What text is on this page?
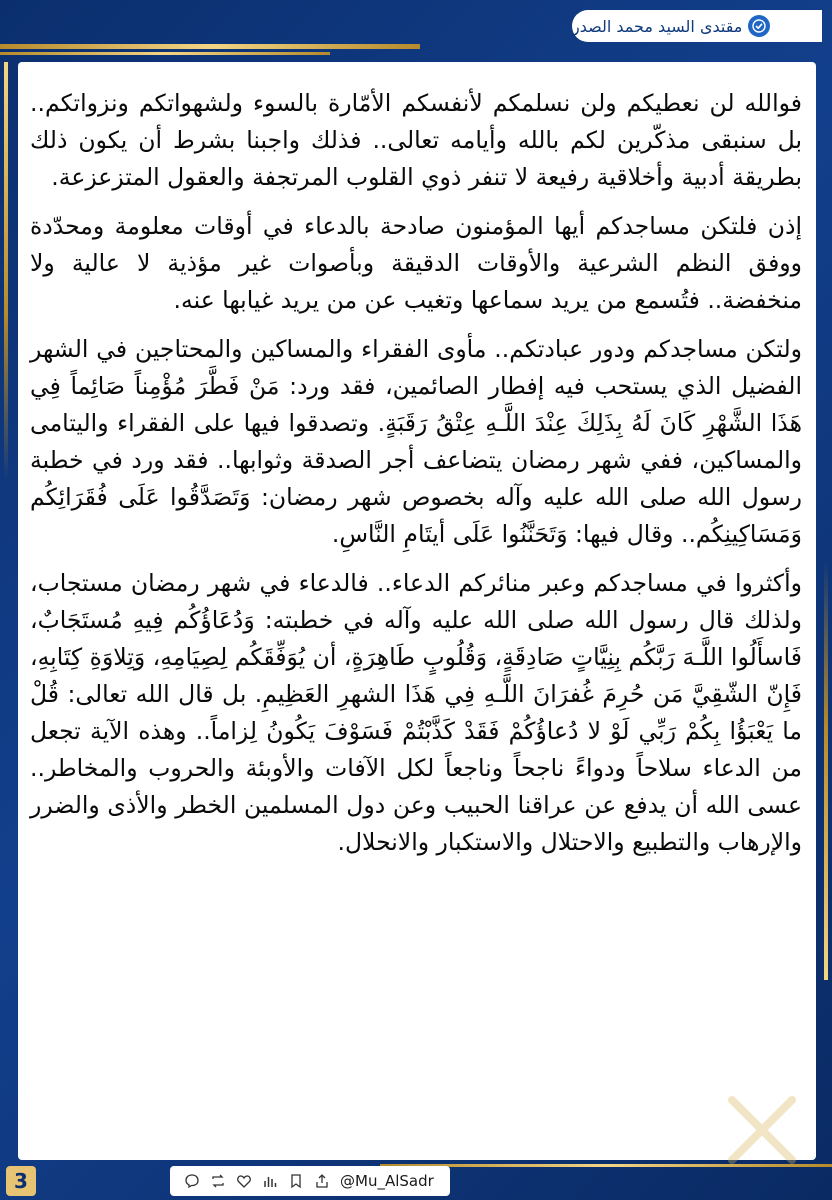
مقتدى السيد محمد الصدر

فوالله لن نعطيكم ولن نسلمكم لأنفسكم الأمّارة بالسوء ولشهواتكم ونزواتكم.. بل سنبقى مذكّرين لكم بالله وأيامه تعالى.. فذلك واجبنا بشرط أن يكون ذلك بطريقة أدبية وأخلاقية رفيعة لا تنفر ذوي القلوب المرتجفة والعقول المتزعزعة.

إذن فلتكن مساجدكم أيها المؤمنون صادحة بالدعاء في أوقات معلومة ومحدّدة ووفق النظم الشرعية والأوقات الدقيقة وبأصوات غير مؤذية لا عالية ولا منخفضة.. فتُسمع من يريد سماعها وتغيب عن من يريد غيابها عنه.

ولتكن مساجدكم ودور عبادتكم.. مأوى الفقراء والمساكين والمحتاجين في الشهر الفضيل الذي يستحب فيه إفطار الصائمين، فقد ورد: مَنْ فَطَّرَ مُؤْمِناً صَائِماً فِي هَذَا الشَّهْرِ كَانَ لَهُ بِذَلِكَ عِنْدَ اللَّـهِ عِتْقُ رَقَبَةٍ. وتصدقوا فيها على الفقراء واليتامى والمساكين، ففي شهر رمضان يتضاعف أجر الصدقة وثوابها.. فقد ورد في خطبة رسول الله صلى الله عليه وآله بخصوص شهر رمضان: وَتَصَدَّقُوا عَلَى فُقَرَائِكُم وَمَسَاكِينِكُم.. وقال فيها: وَتَحَنَّنُوا عَلَى أيتَامِ النَّاسِ.

وأكثروا في مساجدكم وعبر منائركم الدعاء.. فالدعاء في شهر رمضان مستجاب، ولذلك قال رسول الله صلى الله عليه وآله في خطبته: وَدُعَاؤُكُم فِيهِ مُستَجَابٌ، فَاسأَلُوا اللَّـهَ رَبَّكُم بِنِيَّاتٍ صَادِقَةٍ، وَقُلُوبٍ طَاهِرَةٍ، أن يُوَفِّقَكُم لِصِيَامِهِ، وَتِلاوَةِ كِتَابِهِ، فَإِنّ الشّقِيَّ مَن حُرِمَ غُفرَانَ اللَّـهِ فِي هَذَا الشهرِ العَظِيمِ. بل قال الله تعالى: قُلْ ما يَعْبَؤُا بِكُمْ رَبِّي لَوْ لا دُعاؤُكُمْ فَقَدْ كَذَّبْتُمْ فَسَوْفَ يَكُونُ لِزاماً.. وهذه الآية تجعل من الدعاء سلاحاً ودواءً ناجحاً وناجعاً لكل الآفات والأوبئة والحروب والمخاطر.. عسى الله أن يدفع عن عراقنا الحبيب وعن دول المسلمين الخطر والأذى والضرر والإرهاب والتطبيع والاحتلال والاستكبار والانحلال.

3	@Mu_AlSadr
